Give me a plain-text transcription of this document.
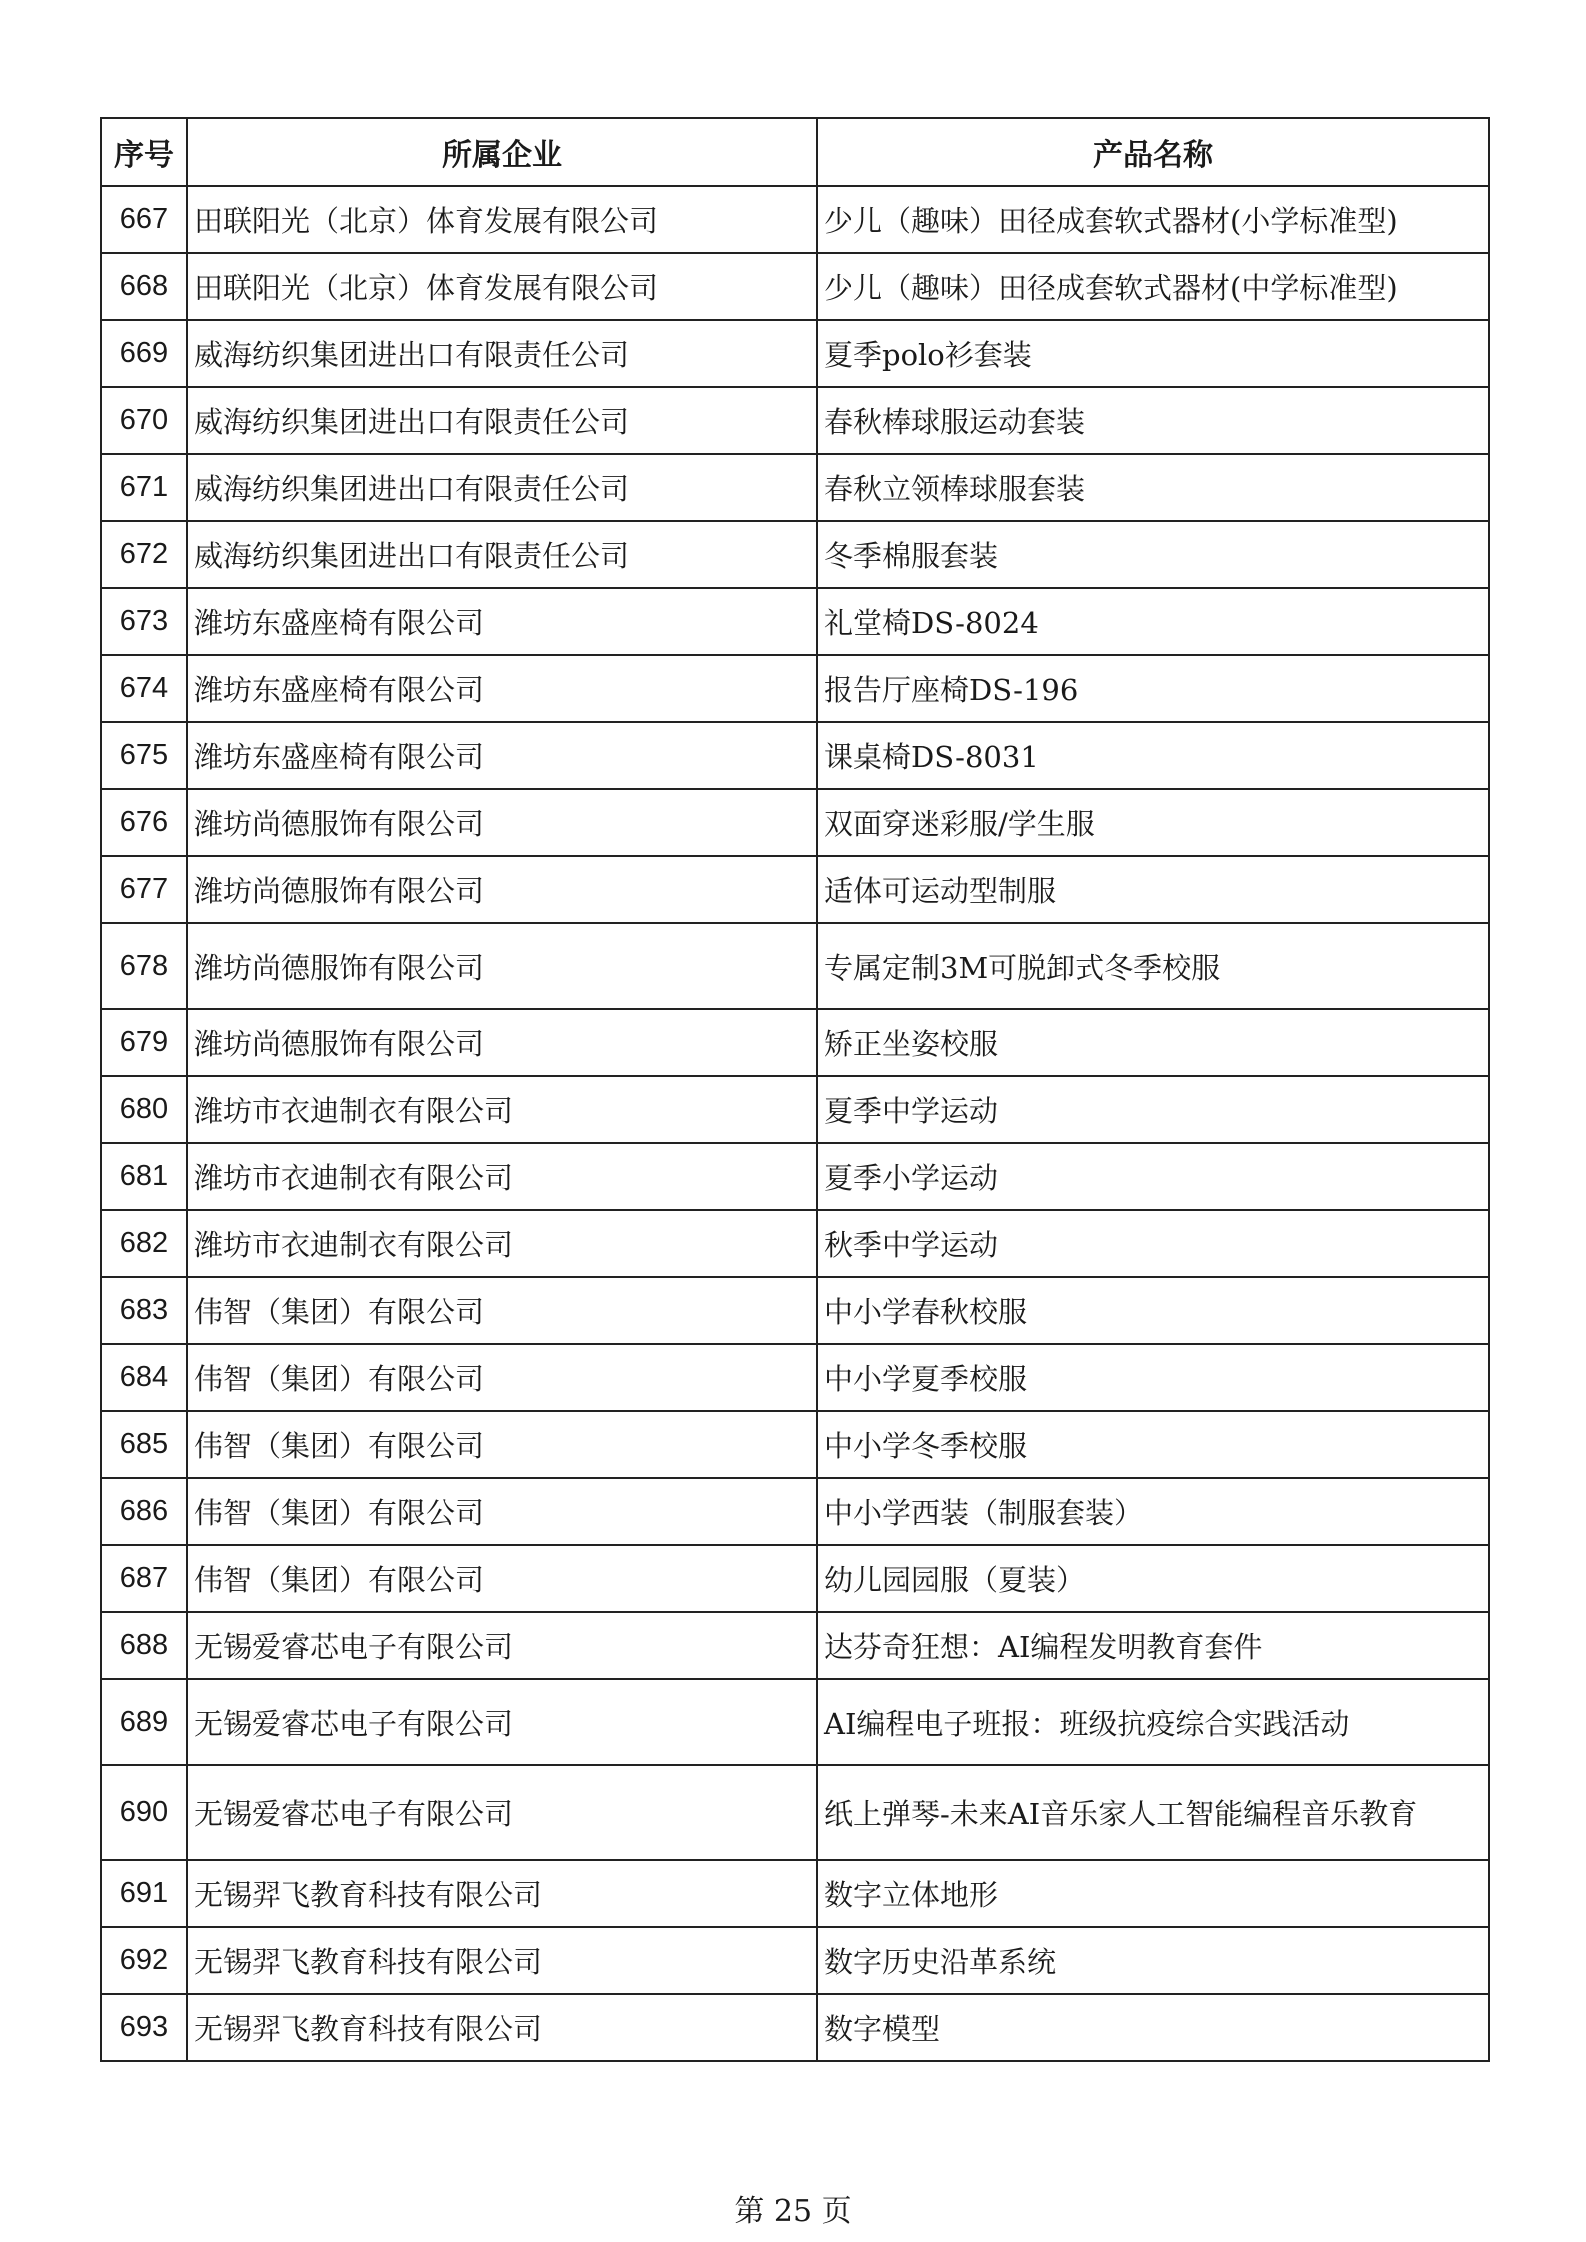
序号	所属企业	产品名称
667	田联阳光（北京）体育发展有限公司	少儿（趣味）田径成套软式器材(小学标准型)
668	田联阳光（北京）体育发展有限公司	少儿（趣味）田径成套软式器材(中学标准型)
669	威海纺织集团进出口有限责任公司	夏季polo衫套装
670	威海纺织集团进出口有限责任公司	春秋棒球服运动套装
671	威海纺织集团进出口有限责任公司	春秋立领棒球服套装
672	威海纺织集团进出口有限责任公司	冬季棉服套装
673	潍坊东盛座椅有限公司	礼堂椅DS-8024
674	潍坊东盛座椅有限公司	报告厅座椅DS-196
675	潍坊东盛座椅有限公司	课桌椅DS-8031
676	潍坊尚德服饰有限公司	双面穿迷彩服/学生服
677	潍坊尚德服饰有限公司	适体可运动型制服
678	潍坊尚德服饰有限公司	专属定制3M可脱卸式冬季校服
679	潍坊尚德服饰有限公司	矫正坐姿校服
680	潍坊市衣迪制衣有限公司	夏季中学运动
681	潍坊市衣迪制衣有限公司	夏季小学运动
682	潍坊市衣迪制衣有限公司	秋季中学运动
683	伟智（集团）有限公司	中小学春秋校服
684	伟智（集团）有限公司	中小学夏季校服
685	伟智（集团）有限公司	中小学冬季校服
686	伟智（集团）有限公司	中小学西装（制服套装）
687	伟智（集团）有限公司	幼儿园园服（夏装）
688	无锡爱睿芯电子有限公司	达芬奇狂想：AI编程发明教育套件
689	无锡爱睿芯电子有限公司	AI编程电子班报：班级抗疫综合实践活动
690	无锡爱睿芯电子有限公司	纸上弹琴-未来AI音乐家人工智能编程音乐教育
691	无锡羿飞教育科技有限公司	数字立体地形
692	无锡羿飞教育科技有限公司	数字历史沿革系统
693	无锡羿飞教育科技有限公司	数字模型
第 25 页
